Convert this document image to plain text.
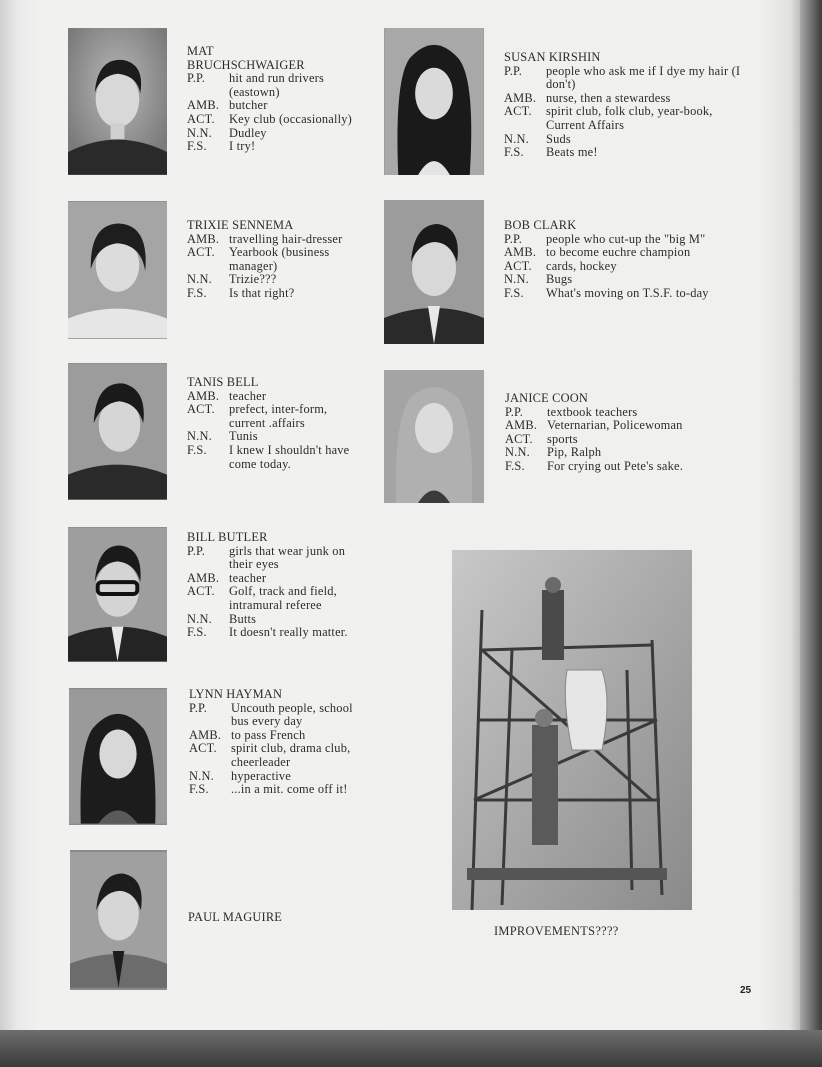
MAT
BRUCHSCHWAIGER
P.P.	hit and run drivers (eastown)
AMB. butcher
ACT.	Key club (occasionally)
N.N.	Dudley
F.S.	I try!
TRIXIE SENNEMA
AMB. travelling hair-dresser
ACT.	Yearbook (business manager)
N.N.	Trizie???
F.S.	Is that right?
TANIS BELL
AMB. teacher
ACT.	prefect, inter-form, current .affairs
N.N.	Tunis
F.S.	I knew I shouldn't have come today.
BILL BUTLER
P.P.	girls that wear junk on their eyes
AMB. teacher
ACT.	Golf, track and field, intramural referee
N.N.	Butts
F.S.	It doesn't really matter.
LYNN HAYMAN
P.P.	Uncouth people, school bus every day
AMB. to pass French
ACT.	spirit club, drama club, cheerleader
N.N.	hyperactive
F.S.	...in a mit. come off it!
PAUL MAGUIRE
SUSAN KIRSHIN
P.P.	people who ask me if I dye my hair (I don't)
AMB. nurse, then a stewardess
ACT.	spirit club, folk club, year-book, Current Affairs
N.N.	Suds
F.S.	Beats me!
BOB CLARK
P.P.	people who cut-up the "big M"
AMB. to become euchre champion
ACT.	cards, hockey
N.N.	Bugs
F.S.	What's moving on T.S.F. to-day
JANICE COON
P.P.	textbook teachers
AMB. Veternarian, Policewoman
ACT.	sports
N.N.	Pip, Ralph
F.S.	For crying out Pete's sake.
IMPROVEMENTS????
25
